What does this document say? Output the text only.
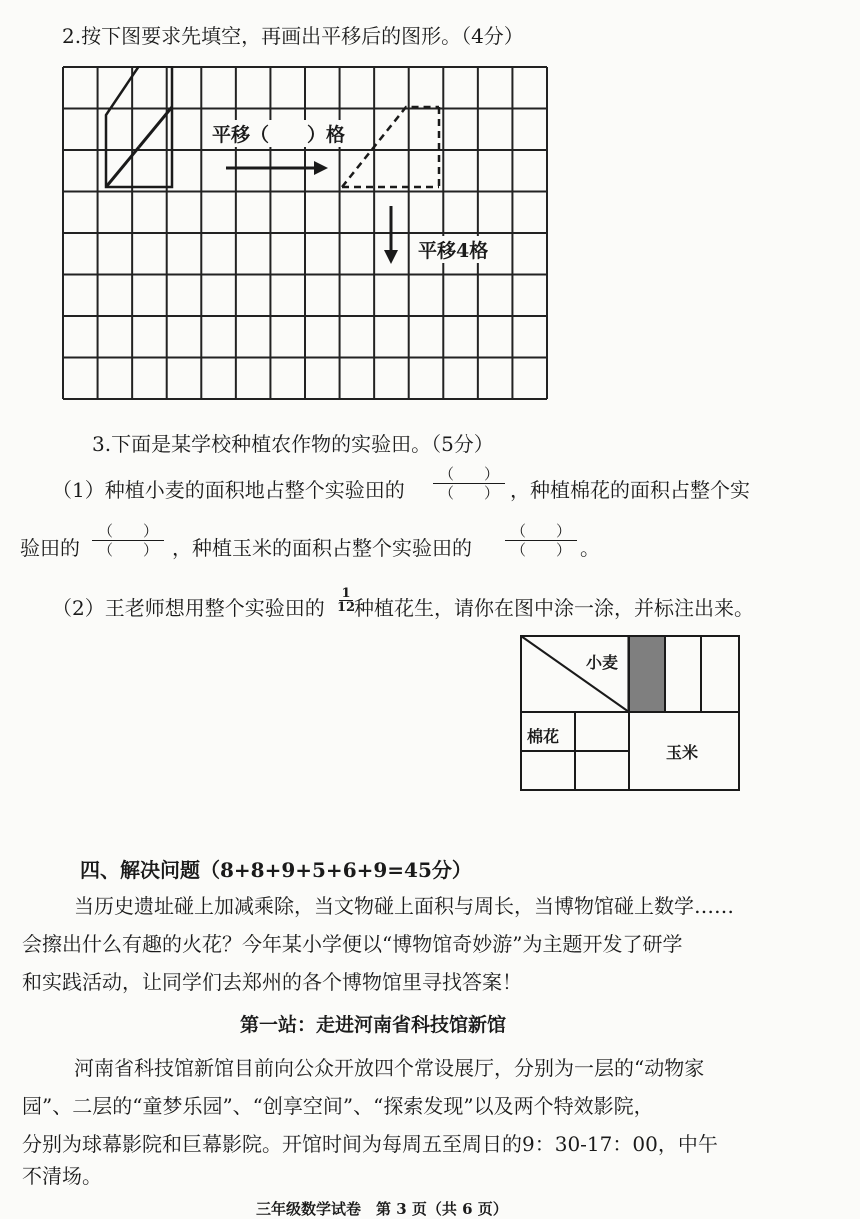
2.按下图要求先填空，再画出平移后的图形。（4分）
平移（　　）格
平移4格
3.下面是某学校种植农作物的实验田。（5分）
（1）种植小麦的面积地占整个实验田的
（　　）
（　　） ，种植棉花的面积占整个实
验田的
（　　）
（　　） ，种植玉米的面积占整个实验田的
（　　）
（　　） 。
（2）王老师想用整个实验田的
1
12
种植花生，请你在图中涂一涂，并标注出来。
小麦
棉花
玉米
四、解决问题（8+8+9+5+6+9=45分）
当历史遗址碰上加减乘除，当文物碰上面积与周长，当博物馆碰上数学……
会擦出什么有趣的火花？今年某小学便以“博物馆奇妙游”为主题开发了研学
和实践活动，让同学们去郑州的各个博物馆里寻找答案！
第一站：走进河南省科技馆新馆
河南省科技馆新馆目前向公众开放四个常设展厅，分别为一层的“动物家
园”、二层的“童梦乐园”、“创享空间”、“探索发现”以及两个特效影院，
分别为球幕影院和巨幕影院。开馆时间为每周五至周日的9：30-17：00，中午
不清场。
三年级数学试卷　第 3 页（共 6 页）
